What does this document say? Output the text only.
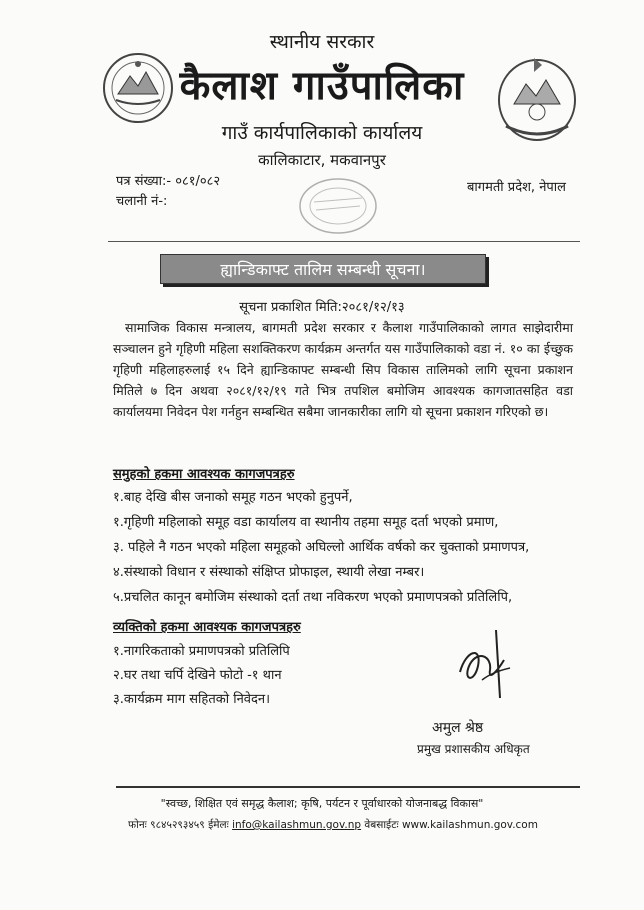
स्थानीय सरकार
कैलाश गाउँपालिका
गाउँ कार्यपालिकाको कार्यालय
कालिकाटार, मकवानपुर
पत्र संख्या:- ०८१/०८२
चलानी नं-:
बागमती प्रदेश, नेपाल
ह्यान्डिकाफ्ट तालिम सम्बन्धी सूचना।
सूचना प्रकाशित मिति:२०८१/१२/१३
सामाजिक विकास मन्त्रालय, बागमती प्रदेश सरकार र कैलाश गाउँपालिकाको लागत साझेदारीमा सञ्चालन हुने गृहिणी महिला सशक्तिकरण कार्यक्रम अन्तर्गत यस गाउँपालिकाको वडा नं. १० का ईच्छुक गृहिणी महिलाहरुलाई १५ दिने ह्यान्डिकाफ्ट सम्बन्धी सिप विकास तालिमको लागि सूचना प्रकाशन मितिले ७ दिन अथवा २०८१/१२/१९ गते भित्र तपशिल बमोजिम आवश्यक कागजातसहित वडा कार्यालयमा निवेदन पेश गर्नहुन सम्बन्धित सबैमा जानकारीका लागि यो सूचना प्रकाशन गरिएको छ।
समुहको हकमा आवश्यक कागजपत्रहरु
१.बाह देखि बीस जनाको समूह गठन भएको हुनुपर्ने,
१.गृहिणी महिलाको समूह वडा कार्यालय वा स्थानीय तहमा समूह दर्ता भएको प्रमाण,
३. पहिले नै गठन भएको महिला समूहको अघिल्लो आर्थिक वर्षको कर चुक्ताको प्रमाणपत्र,
४.संस्थाको विधान र संस्थाको संक्षिप्त प्रोफाइल, स्थायी लेखा नम्बर।
५.प्रचलित कानून बमोजिम संस्थाको दर्ता तथा नविकरण भएको प्रमाणपत्रको प्रतिलिपि,
व्यक्तिको हकमा आवश्यक कागजपत्रहरु
१.नागरिकताको प्रमाणपत्रको प्रतिलिपि
२.घर तथा चर्पि देखिने फोटो -१ थान
३.कार्यक्रम माग सहितको निवेदन।
अमुल श्रेष्ठ
प्रमुख प्रशासकीय अधिकृत
"स्वच्छ, शिक्षित एवं समृद्ध कैलाश; कृषि, पर्यटन र पूर्वाधारको योजनाबद्ध विकास"
फोनः ९८४५२९३४५९ ईमेलः info@kailashmun.gov.np वेबसाईटः www.kailashmun.gov.com
